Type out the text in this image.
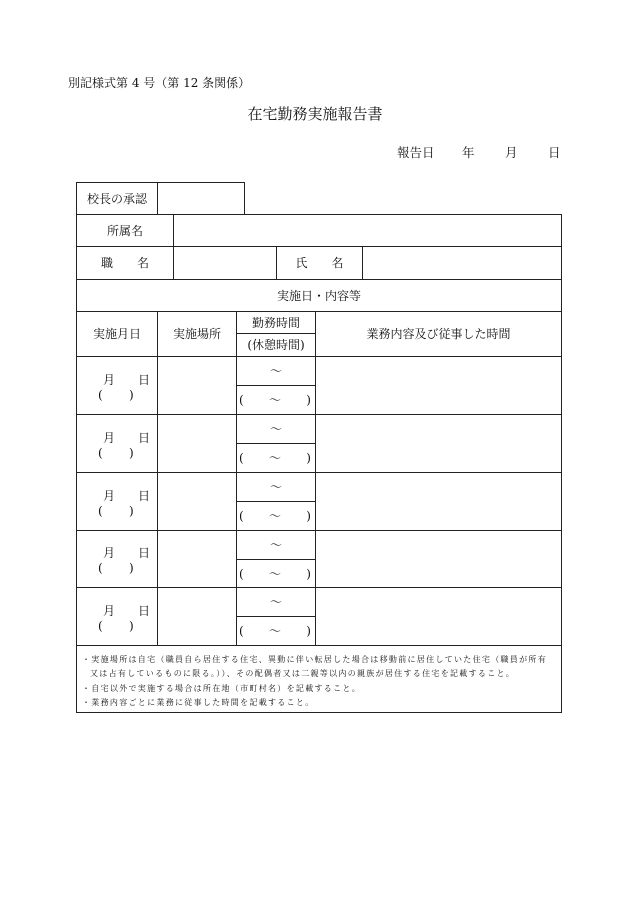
別記様式第 4 号（第 12 条関係）
在宅勤務実施報告書
報告日 年 月 日
校長の承認
所属名
職　名	氏　名
実施日・内容等
実施月日	実施場所
勤務時間
(休憩時間)
業務内容及び従事した時間
月 日
( )
～
( ～ )
月 日
( )
～
( ～ )
月 日
( )
～
( ～ )
月 日
( )
～
( ～ )
月 日
( )
～
( ～ )
・実施場所は自宅（職員自ら居住する住宅、異動に伴い転居した場合は移動前に居住していた住宅（職員が所有
又は占有しているものに限る。））、その配偶者又は二親等以内の親族が居住する住宅を記載すること。
・自宅以外で実施する場合は所在地（市町村名）を記載すること。
・業務内容ごとに業務に従事した時間を記載すること。
